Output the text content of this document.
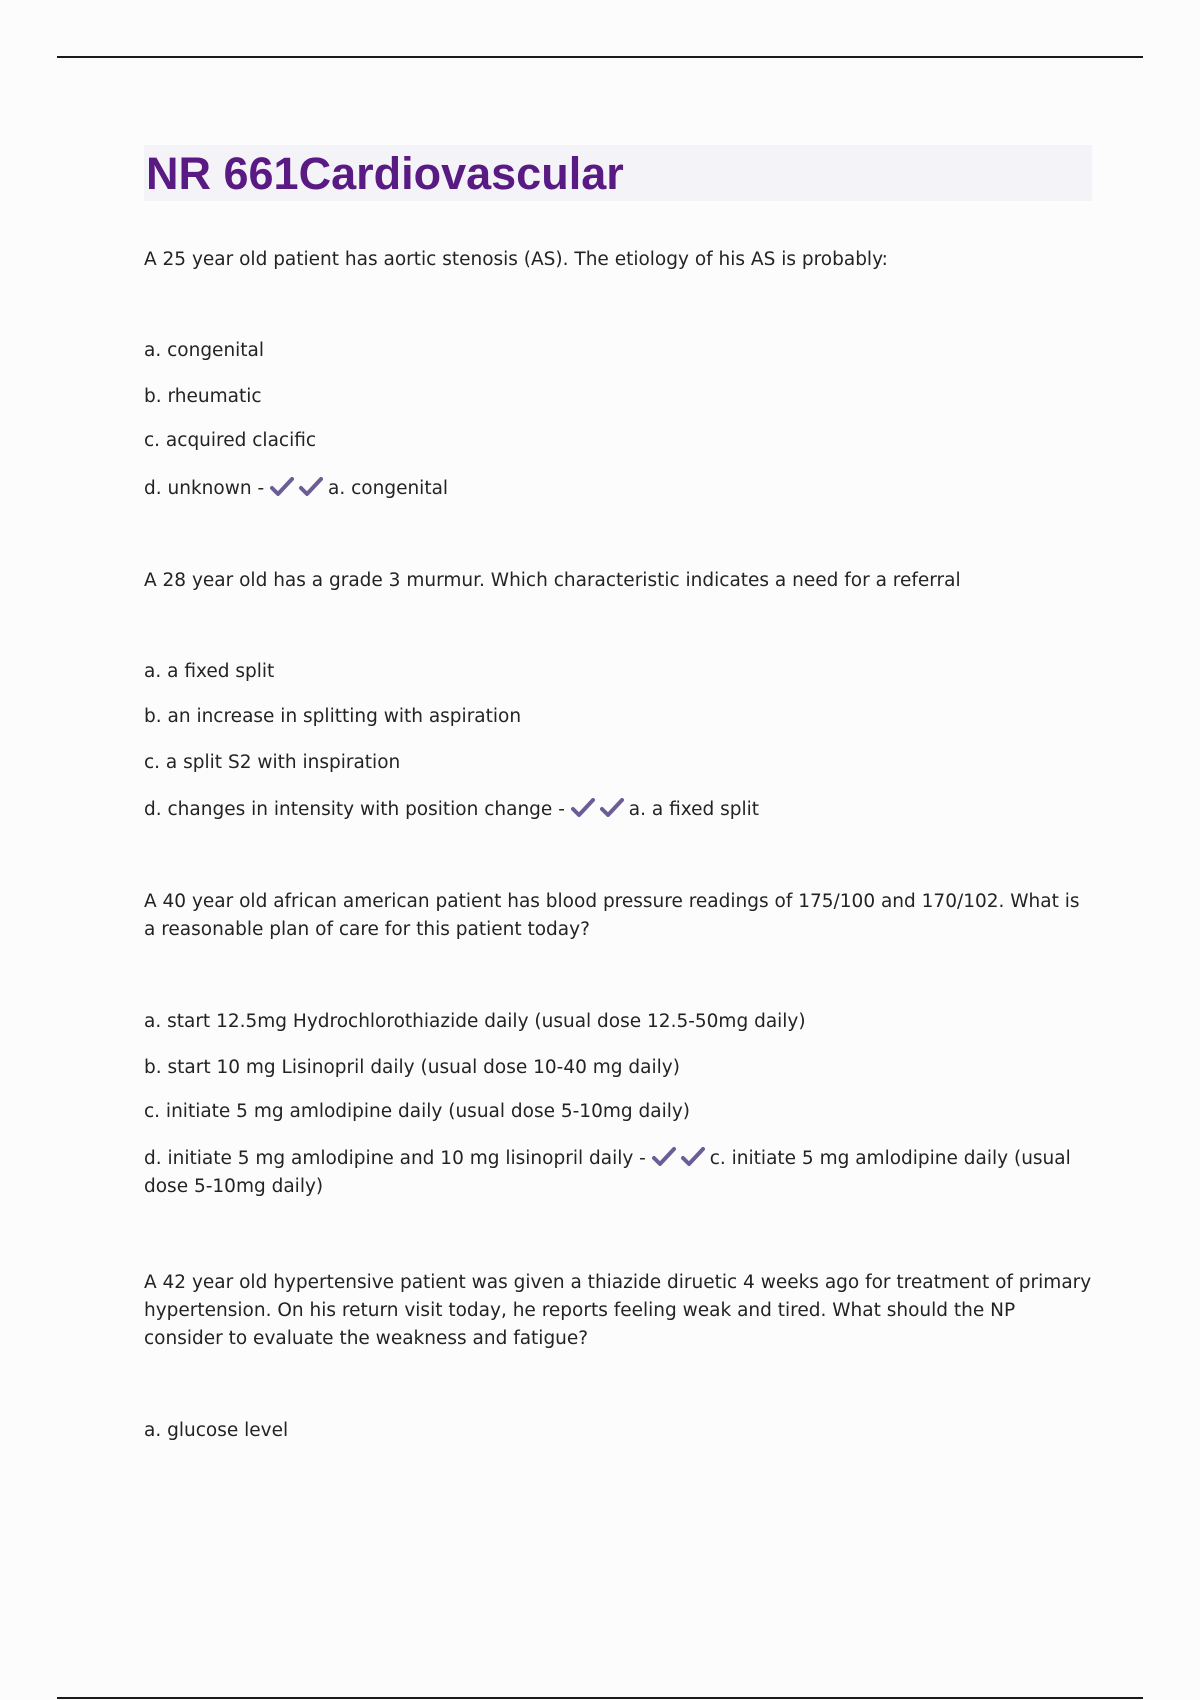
NR 661Cardiovascular

A 25 year old patient has aortic stenosis (AS). The etiology of his AS is probably:

a. congenital

b. rheumatic

c. acquired clacific

d. unknown -	a. congenital

A 28 year old has a grade 3 murmur. Which characteristic indicates a need for a referral

a. a fixed split

b. an increase in splitting with aspiration

c. a split S2 with inspiration

d. changes in intensity with position change -	a. a fixed split

A 40 year old african american patient has blood pressure readings of 175/100 and 170/102. What is a reasonable plan of care for this patient today?

a. start 12.5mg Hydrochlorothiazide daily (usual dose 12.5-50mg daily)

b. start 10 mg Lisinopril daily (usual dose 10-40 mg daily)

c. initiate 5 mg amlodipine daily (usual dose 5-10mg daily)

d. initiate 5 mg amlodipine and 10 mg lisinopril daily -	c. initiate 5 mg amlodipine daily (usual dose 5-10mg daily)

A 42 year old hypertensive patient was given a thiazide diruetic 4 weeks ago for treatment of primary hypertension. On his return visit today, he reports feeling weak and tired. What should the NP consider to evaluate the weakness and fatigue?

a. glucose level
